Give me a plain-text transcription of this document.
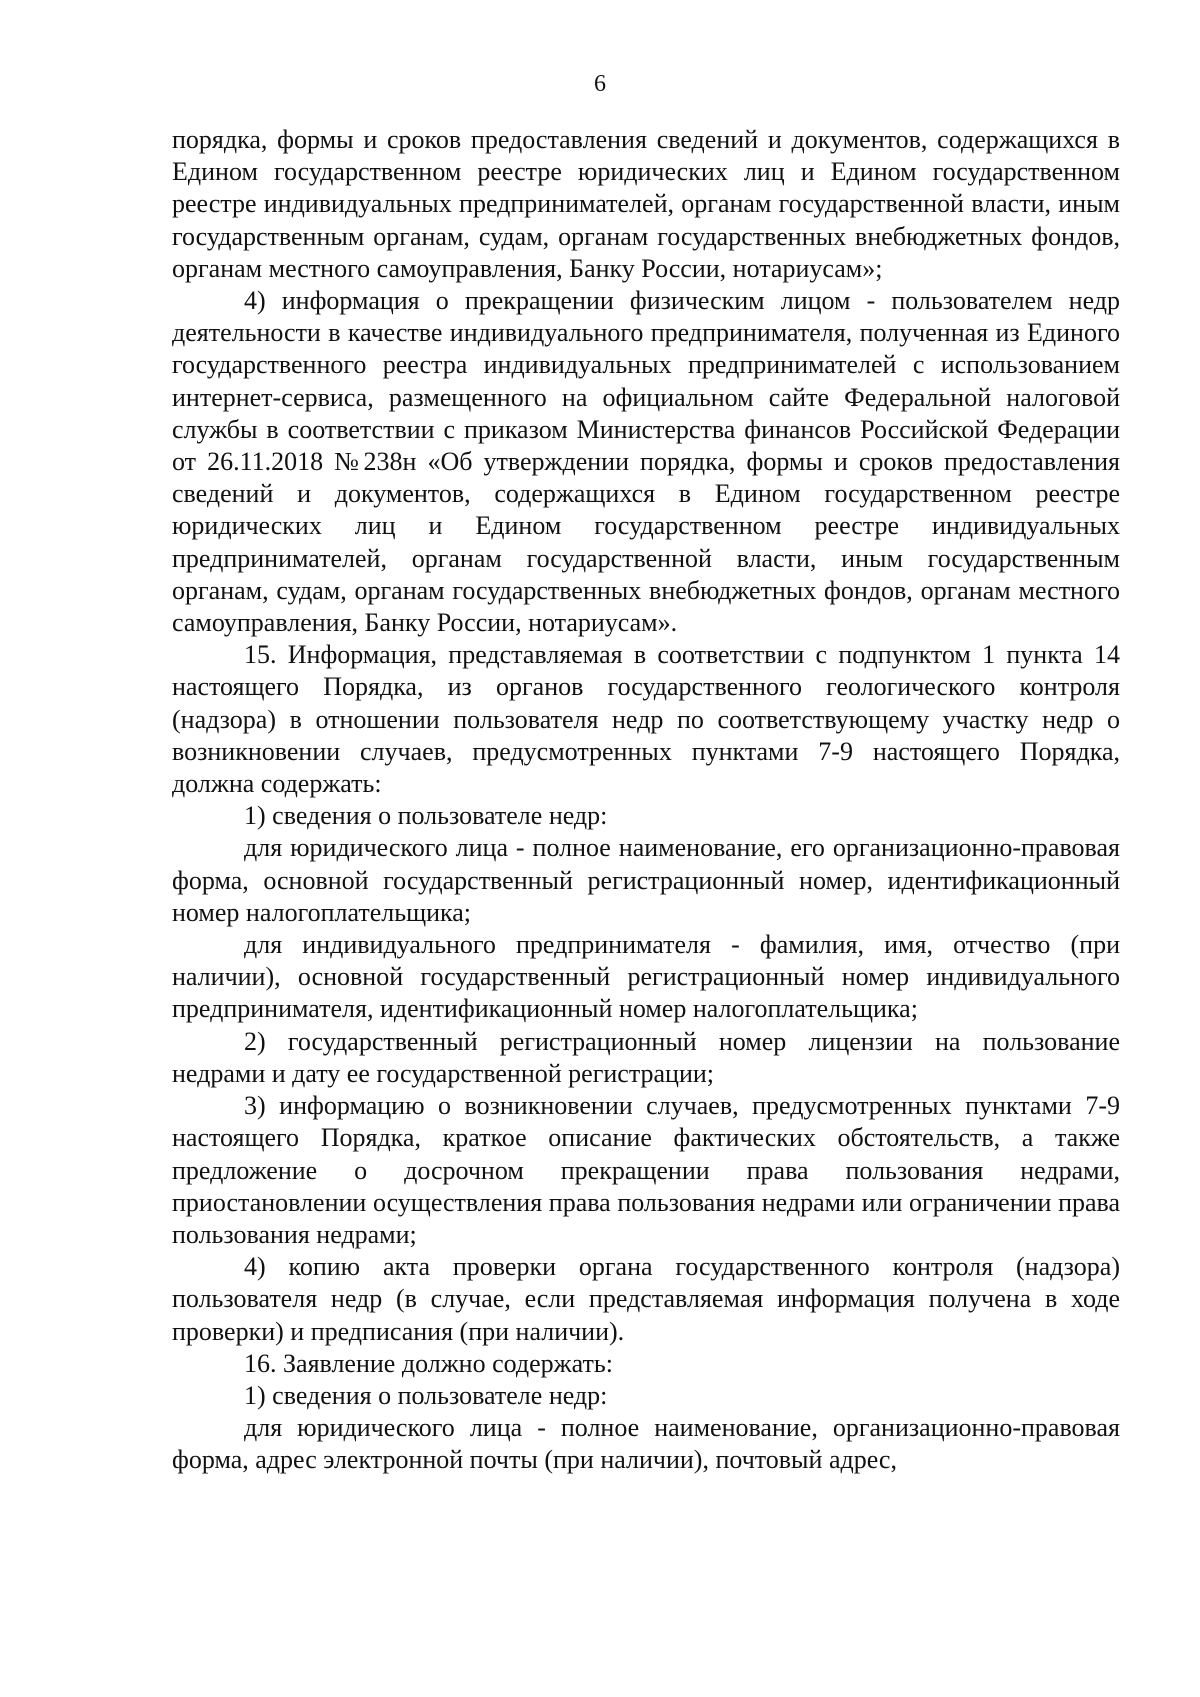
6

порядка, формы и сроков предоставления сведений и документов, содержащихся в Едином государственном реестре юридических лиц и Едином государственном реестре индивидуальных предпринимателей, органам государственной власти, иным государственным органам, судам, органам государственных внебюджетных фондов, органам местного самоуправления, Банку России, нотариусам»;

4) информация о прекращении физическим лицом - пользователем недр деятельности в качестве индивидуального предпринимателя, полученная из Единого государственного реестра индивидуальных предпринимателей с использованием интернет-сервиса, размещенного на официальном сайте Федеральной налоговой службы в соответствии с приказом Министерства финансов Российской Федерации от 26.11.2018 №238н «Об утверждении порядка, формы и сроков предоставления сведений и документов, содержащихся в Едином государственном реестре юридических лиц и Едином государственном реестре индивидуальных предпринимателей, органам государственной власти, иным государственным органам, судам, органам государственных внебюджетных фондов, органам местного самоуправления, Банку России, нотариусам».

15. Информация, представляемая в соответствии с подпунктом 1 пункта 14 настоящего Порядка, из органов государственного геологического контроля (надзора) в отношении пользователя недр по соответствующему участку недр о возникновении случаев, предусмотренных пунктами 7-9 настоящего Порядка, должна содержать:

1) сведения о пользователе недр:

для юридического лица - полное наименование, его организационно-правовая форма, основной государственный регистрационный номер, идентификационный номер налогоплательщика;

для индивидуального предпринимателя - фамилия, имя, отчество (при наличии), основной государственный регистрационный номер индивидуального предпринимателя, идентификационный номер налогоплательщика;

2) государственный регистрационный номер лицензии на пользование недрами и дату ее государственной регистрации;

3) информацию о возникновении случаев, предусмотренных пунктами 7-9 настоящего Порядка, краткое описание фактических обстоятельств, а также предложение о досрочном прекращении права пользования недрами, приостановлении осуществления права пользования недрами или ограничении права пользования недрами;

4) копию акта проверки органа государственного контроля (надзора) пользователя недр (в случае, если представляемая информация получена в ходе проверки) и предписания (при наличии).

16. Заявление должно содержать:

1) сведения о пользователе недр:

для юридического лица - полное наименование, организационно-правовая форма, адрес электронной почты (при наличии), почтовый адрес,
